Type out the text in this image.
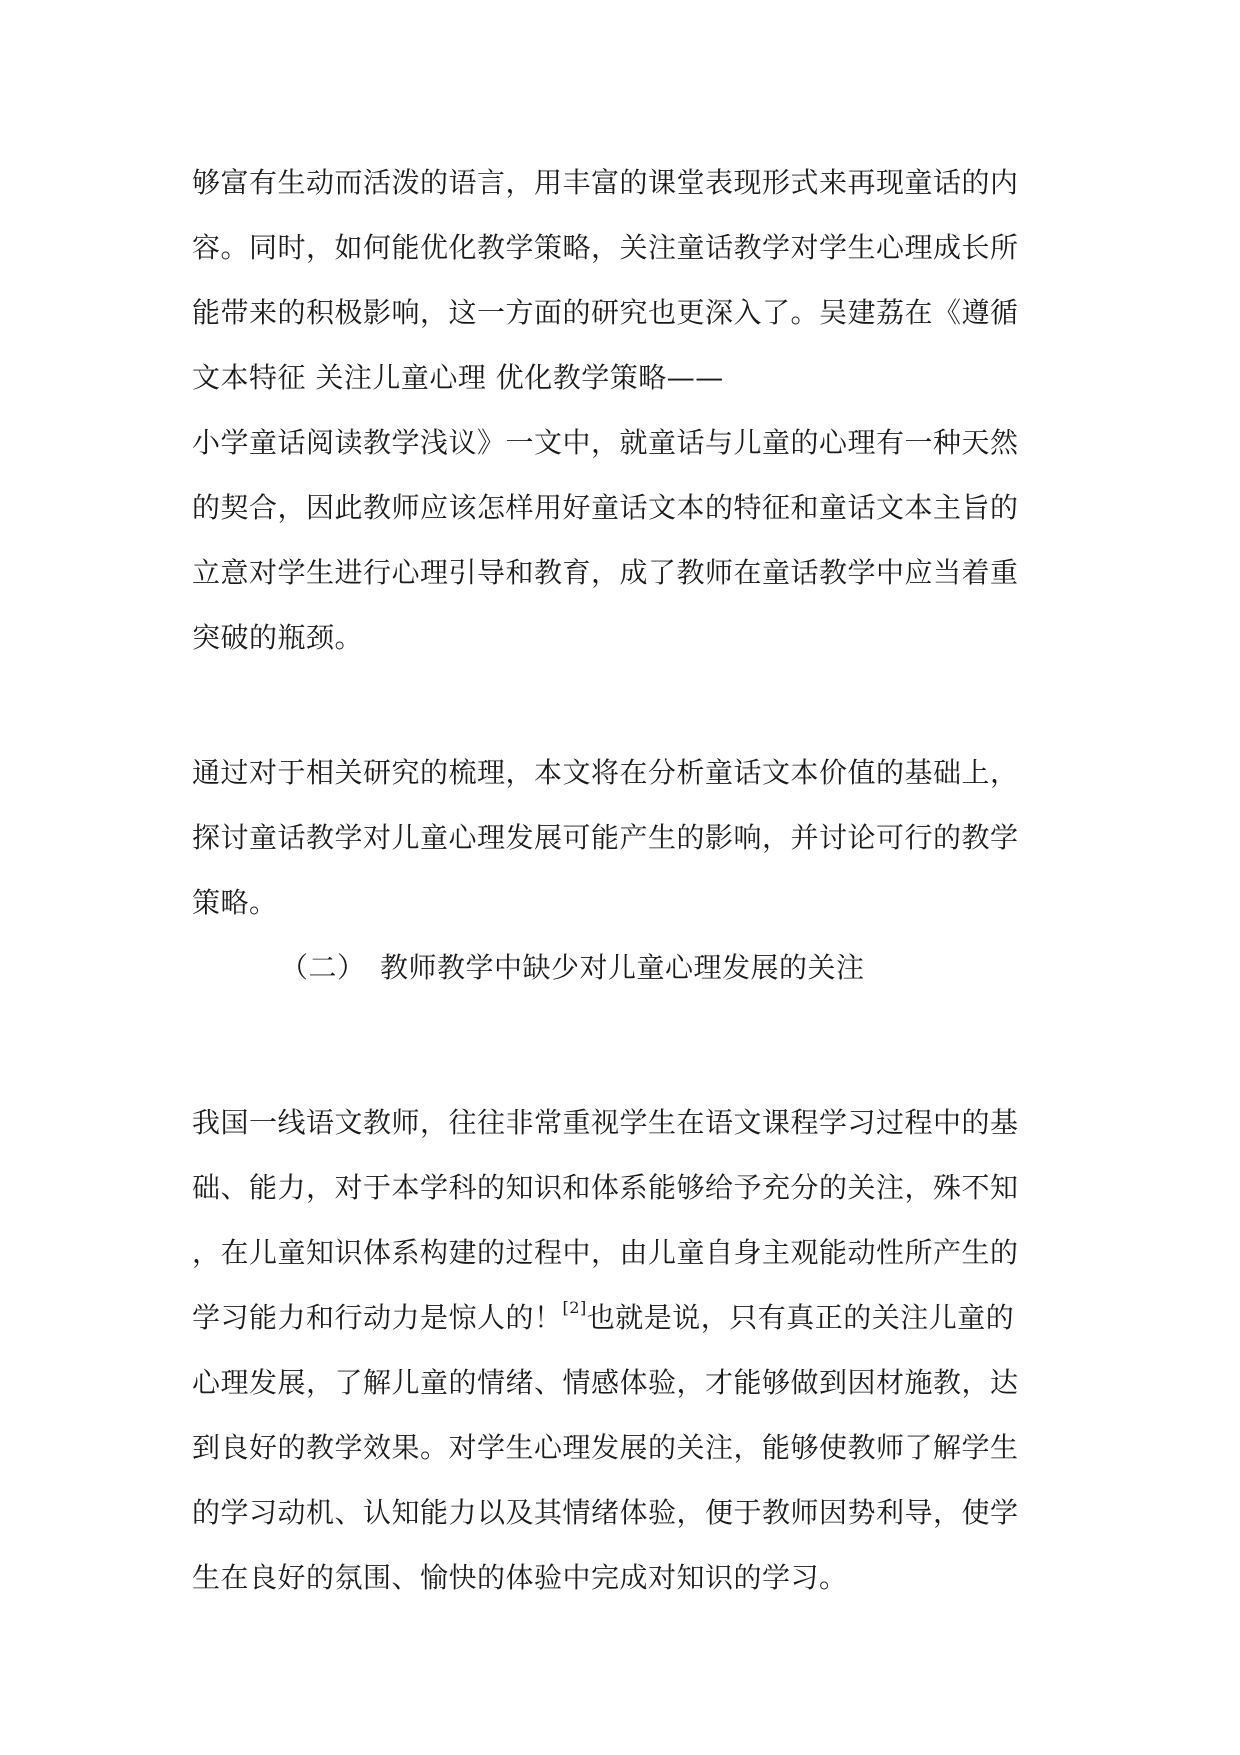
够富有生动而活泼的语言，用丰富的课堂表现形式来再现童话的内
容。同时，如何能优化教学策略，关注童话教学对学生心理成长所
能带来的积极影响，这一方面的研究也更深入了。吴建荔在《遵循
文本特征 关注儿童心理 优化教学策略——
小学童话阅读教学浅议》一文中，就童话与儿童的心理有一种天然
的契合，因此教师应该怎样用好童话文本的特征和童话文本主旨的
立意对学生进行心理引导和教育，成了教师在童话教学中应当着重
突破的瓶颈。
通过对于相关研究的梳理，本文将在分析童话文本价值的基础上，
探讨童话教学对儿童心理发展可能产生的影响，并讨论可行的教学
策略。
（二） 教师教学中缺少对儿童心理发展的关注
我国一线语文教师，往往非常重视学生在语文课程学习过程中的基
础、能力，对于本学科的知识和体系能够给予充分的关注，殊不知
，在儿童知识体系构建的过程中，由儿童自身主观能动性所产生的
学习能力和行动力是惊人的！[2]也就是说，只有真正的关注儿童的
心理发展，了解儿童的情绪、情感体验，才能够做到因材施教，达
到良好的教学效果。对学生心理发展的关注，能够使教师了解学生
的学习动机、认知能力以及其情绪体验，便于教师因势利导，使学
生在良好的氛围、愉快的体验中完成对知识的学习。
